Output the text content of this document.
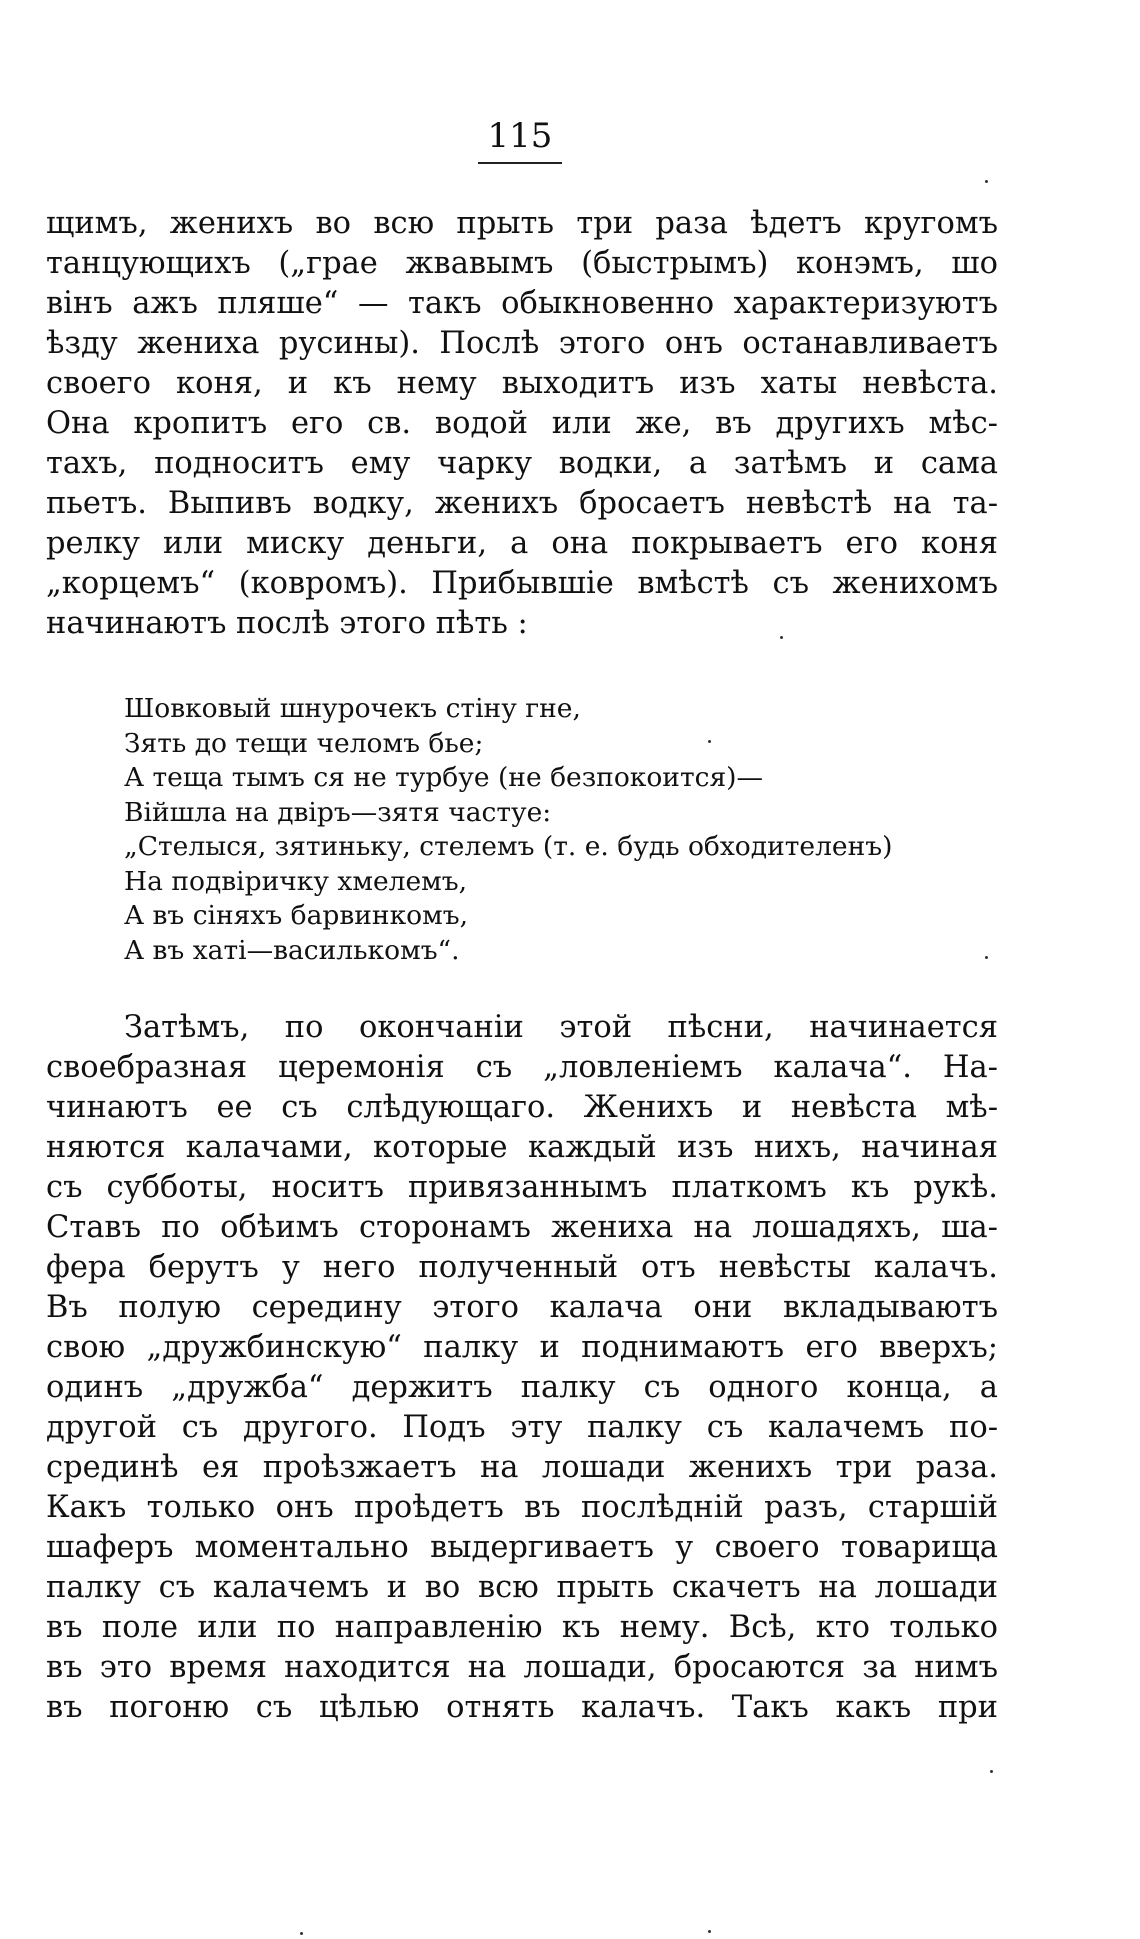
115
щимъ, женихъ во всю прыть три раза ѣдетъ кругомъ
танцующихъ („грае жвавымъ (быстрымъ) конэмъ, шо
вінъ ажъ пляше“ — такъ обыкновенно характеризуютъ
ѣзду жениха русины). Послѣ этого онъ останавливаетъ
своего коня, и къ нему выходитъ изъ хаты невѣста.
Она кропитъ его св. водой или же, въ другихъ мѣс-
тахъ, подноситъ ему чарку водки, а затѣмъ и сама
пьетъ. Выпивъ водку, женихъ бросаетъ невѣстѣ на та-
релку или миску деньги, а она покрываетъ его коня
„корцемъ“ (ковромъ). Прибывшіе вмѣстѣ съ женихомъ
начинаютъ послѣ этого пѣть :
Шовковый шнурочекъ стіну гне,
Зять до тещи челомъ бье;
А теща тымъ ся не турбуе (не безпокоится)—
Війшла на двіръ—зятя частуе:
„Стелыся, зятиньку, стелемъ (т. е. будь обходителенъ)
На подвіричку хмелемъ,
А въ сіняхъ барвинкомъ,
А въ хаті—василькомъ“.
Затѣмъ, по окончаніи этой пѣсни, начинается
своебразная церемонія съ „ловленіемъ калача“. На-
чинаютъ ее съ слѣдующаго. Женихъ и невѣста мѣ-
няются калачами, которые каждый изъ нихъ, начиная
съ субботы, носитъ привязаннымъ платкомъ къ рукѣ.
Ставъ по обѣимъ сторонамъ жениха на лошадяхъ, ша-
фера берутъ у него полученный отъ невѣсты калачъ.
Въ полую середину этого калача они вкладываютъ
свою „дружбинскую“ палку и поднимаютъ его вверхъ;
одинъ „дружба“ держитъ палку съ одного конца, а
другой съ другого. Подъ эту палку съ калачемъ по-
срединѣ ея проѣзжаетъ на лошади женихъ три раза.
Какъ только онъ проѣдетъ въ послѣдній разъ, старшій
шаферъ моментально выдергиваетъ у своего товарища
палку съ калачемъ и во всю прыть скачетъ на лошади
въ поле или по направленію къ нему. Всѣ, кто только
въ это время находится на лошади, бросаются за нимъ
въ погоню съ цѣлью отнять калачъ. Такъ какъ при
